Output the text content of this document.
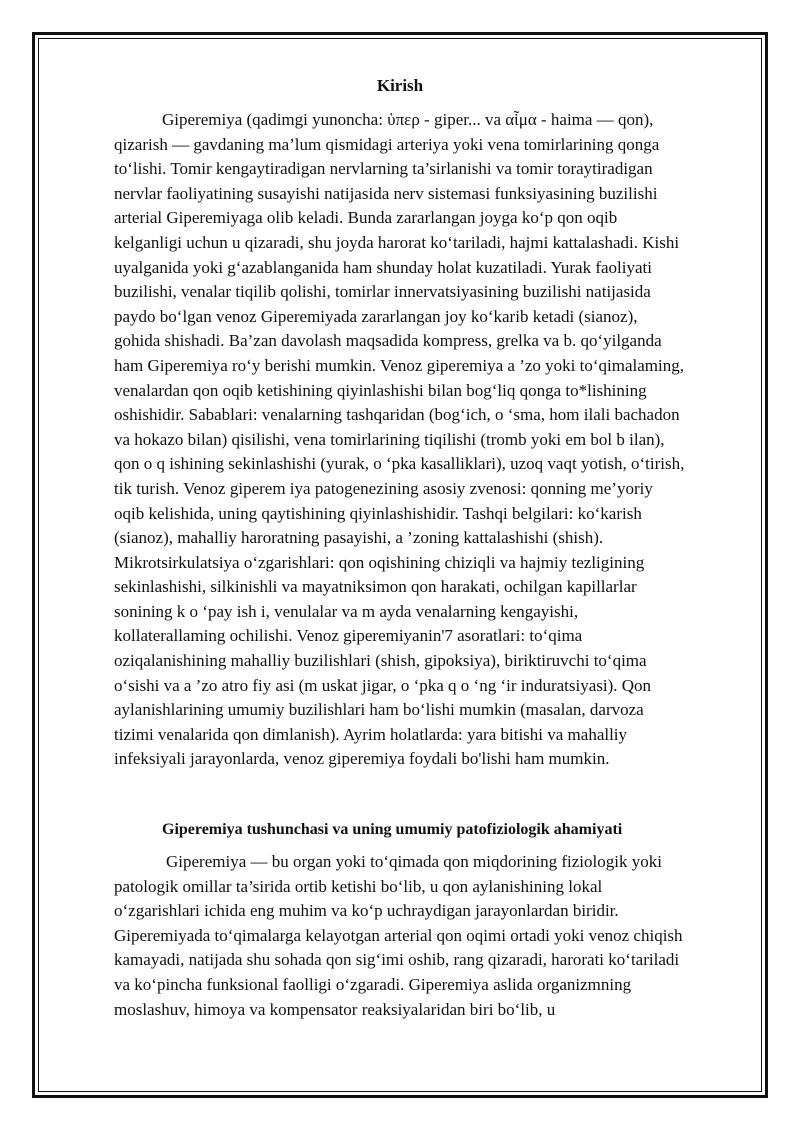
Kirish

Giperemiya (qadimgi yunoncha: ὑπερ - giper... va αἷμα - haima — qon), qizarish — gavdaning ma’lum qismidagi arteriya yoki vena tomirlarining qonga to‘lishi. Tomir kengaytiradigan nervlarning ta’sirlanishi va tomir toraytiradigan nervlar faoliyatining susayishi natijasida nerv sistemasi funksiyasining buzilishi arterial Giperemiyaga olib keladi. Bunda zararlangan joyga ko‘p qon oqib kelganligi uchun u qizaradi, shu joyda harorat ko‘tariladi, hajmi kattalashadi. Kishi uyalganida yoki g‘azablanganida ham shunday holat kuzatiladi. Yurak faoliyati buzilishi, venalar tiqilib qolishi, tomirlar innervatsiyasining buzilishi natijasida paydo bo‘lgan venoz Giperemiyada zararlangan joy ko‘karib ketadi (sianoz), gohida shishadi. Ba’zan davolash maqsadida kompress, grelka va b. qo‘yilganda ham Giperemiya ro‘y berishi mumkin. Venoz giperemiya a ’zo yoki to‘qimalaming, venalardan qon oqib ketishining qiyinlashishi bilan bog‘liq qonga to*lishining oshishidir. Sabablari: venalarning tashqaridan (bog‘ich, o ‘sma, hom ilali bachadon va hokazo bilan) qisilishi, vena tomirlarining tiqilishi (tromb yoki em bol b ilan), qon o q ishining sekinlashishi (yurak, o ‘pka kasalliklari), uzoq vaqt yotish, o‘tirish, tik turish. Venoz giperem iya patogenezining asosiy zvenosi: qonning me’yoriy oqib kelishida, uning qaytishining qiyinlashishidir. Tashqi belgilari: ko‘karish (sianoz), mahalliy haroratning pasayishi, a ’zoning kattalashishi (shish). Mikrotsirkulatsiya o‘zgarishlari: qon oqishining chiziqli va hajmiy tezligining sekinlashishi, silkinishli va mayatniksimon qon harakati, ochilgan kapillarlar sonining k o ‘pay ish i, venulalar va m ayda venalarning kengayishi, kollaterallaming ochilishi. Venoz giperemiyanin'7 asoratlari: to‘qima oziqalanishining mahalliy buzilishlari (shish, gipoksiya), biriktiruvchi to‘qima o‘sishi va a ’zo atro fiy asi (m uskat jigar, o ‘pka q o ‘ng ‘ir induratsiyasi). Qon aylanishlarining umumiy buzilishlari ham bo‘lishi mumkin (masalan, darvoza tizimi venalarida qon dimlanish). Ayrim holatlarda: yara bitishi va mahalliy infeksiyali jarayonlarda, venoz giperemiya foydali bo'lishi ham mumkin.

Giperemiya tushunchasi va uning umumiy patofiziologik ahamiyati

Giperemiya — bu organ yoki to‘qimada qon miqdorining fiziologik yoki patologik omillar ta’sirida ortib ketishi bo‘lib, u qon aylanishining lokal o‘zgarishlari ichida eng muhim va ko‘p uchraydigan jarayonlardan biridir. Giperemiyada to‘qimalarga kelayotgan arterial qon oqimi ortadi yoki venoz chiqish kamayadi, natijada shu sohada qon sig‘imi oshib, rang qizaradi, harorati ko‘tariladi va ko‘pincha funksional faolligi o‘zgaradi. Giperemiya aslida organizmning moslashuv, himoya va kompensator reaksiyalaridan biri bo‘lib, u
